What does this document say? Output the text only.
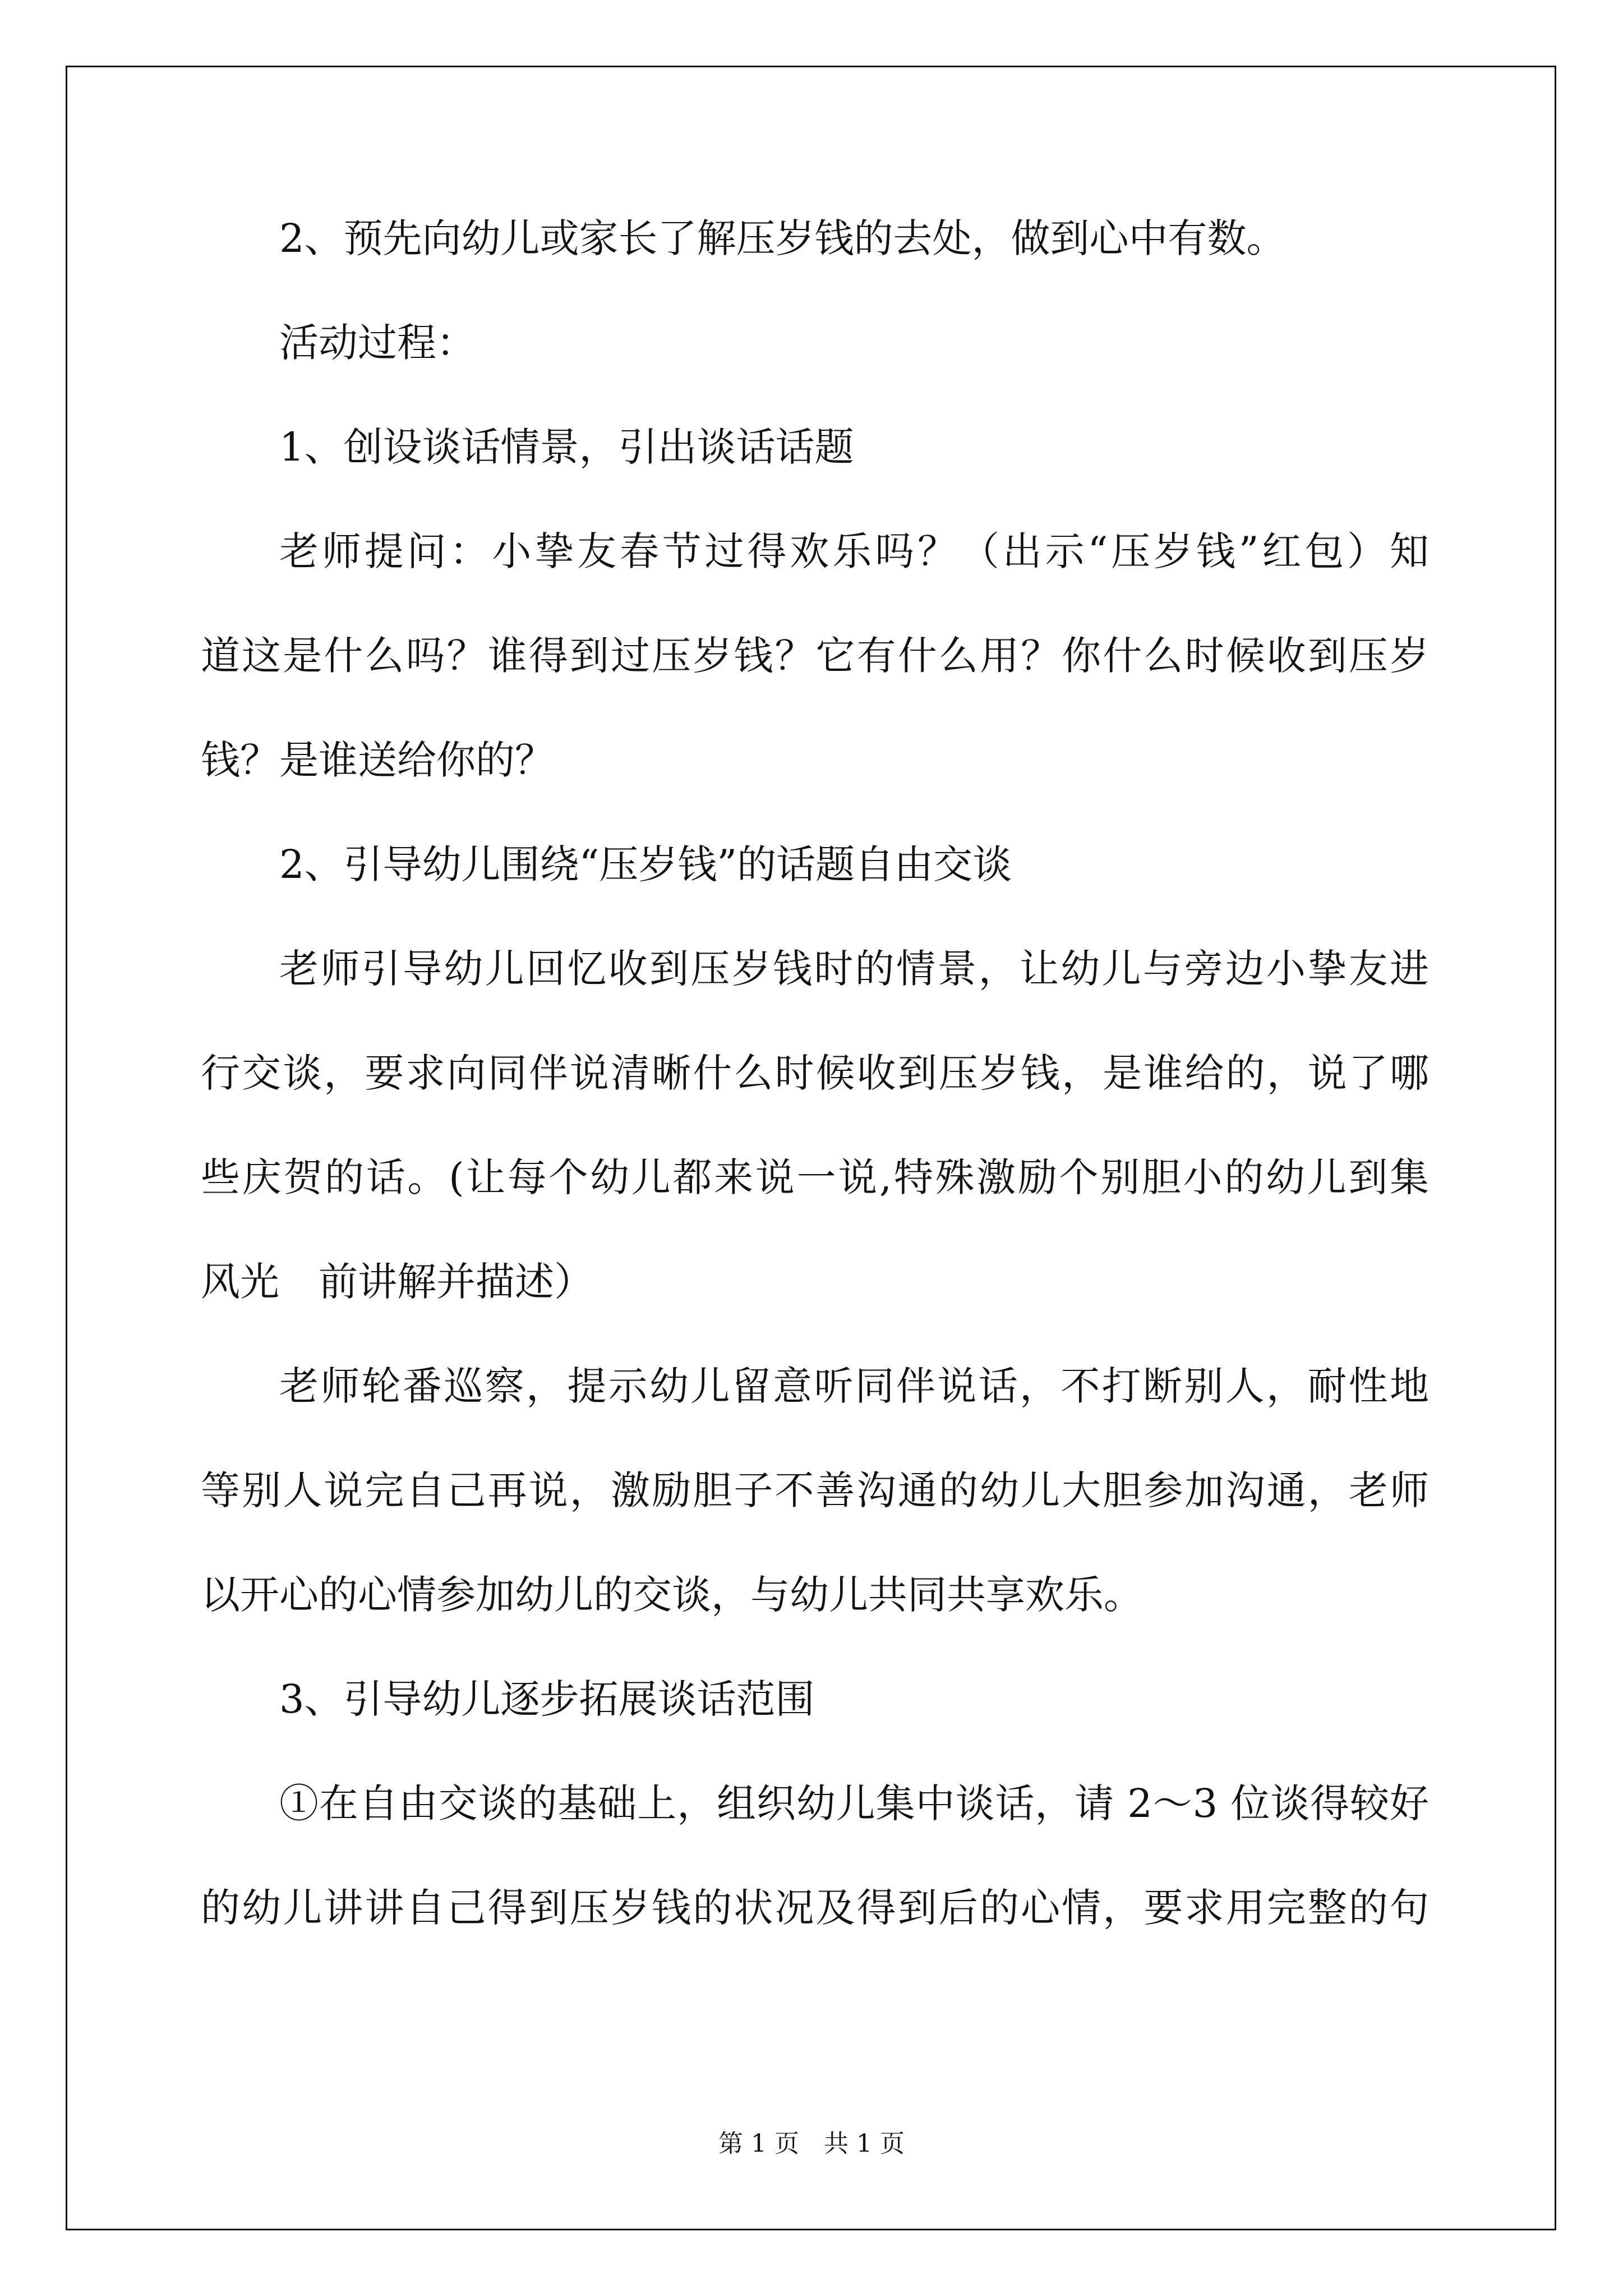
2、预先向幼儿或家长了解压岁钱的去处，做到心中有数。
活动过程：
1、创设谈话情景，引出谈话话题
老师提问：小挚友春节过得欢乐吗？（出示“压岁钱”红包）知
道这是什么吗？谁得到过压岁钱？它有什么用？你什么时候收到压岁
钱？是谁送给你的？
2、引导幼儿围绕“压岁钱”的话题自由交谈
老师引导幼儿回忆收到压岁钱时的情景，让幼儿与旁边小挚友进
行交谈，要求向同伴说清晰什么时候收到压岁钱，是谁给的，说了哪
些庆贺的话。(让每个幼儿都来说一说,特殊激励个别胆小的幼儿到集
风光　前讲解并描述）
老师轮番巡察，提示幼儿留意听同伴说话，不打断别人，耐性地
等别人说完自己再说，激励胆子不善沟通的幼儿大胆参加沟通，老师
以开心的心情参加幼儿的交谈，与幼儿共同共享欢乐。
3、引导幼儿逐步拓展谈话范围
①在自由交谈的基础上，组织幼儿集中谈话，请 2～3 位谈得较好
的幼儿讲讲自己得到压岁钱的状况及得到后的心情，要求用完整的句
第 1 页　共 1 页
